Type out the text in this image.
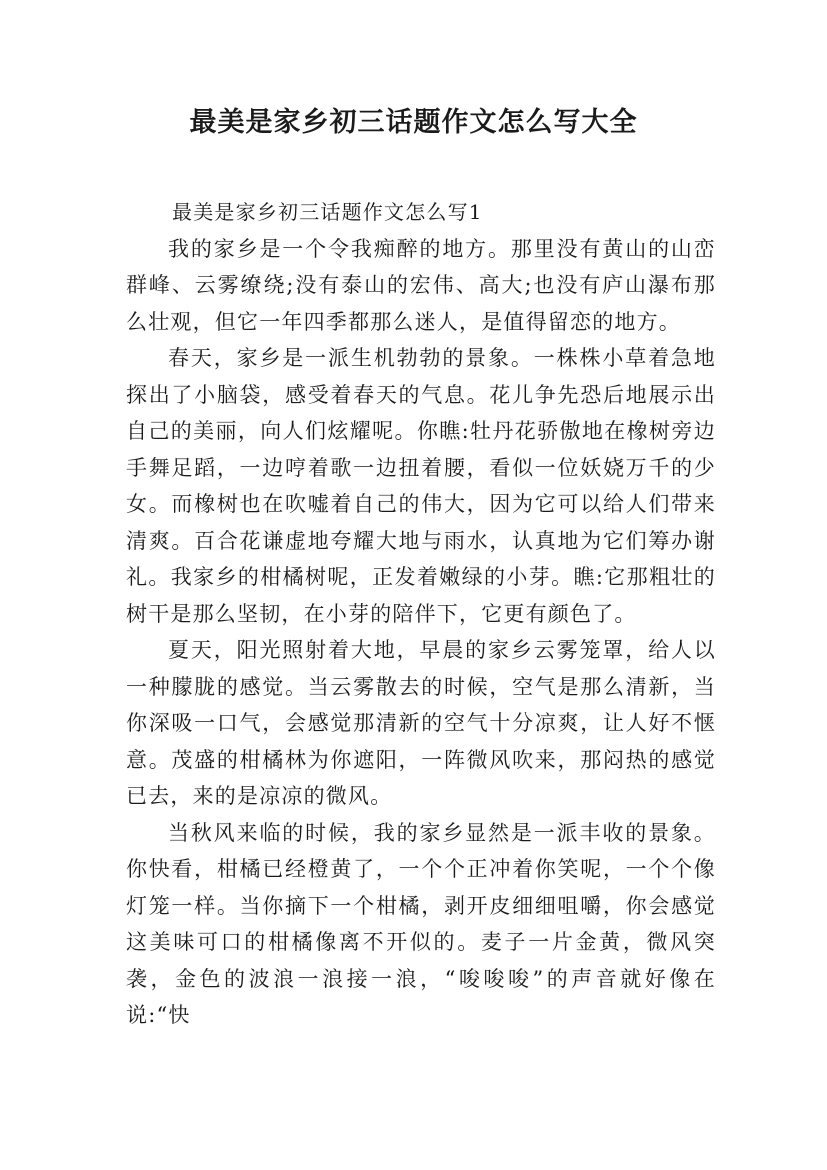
最美是家乡初三话题作文怎么写大全

最美是家乡初三话题作文怎么写1

我的家乡是一个令我痴醉的地方。那里没有黄山的山峦群峰、云雾缭绕;没有泰山的宏伟、高大;也没有庐山瀑布那么壮观，但它一年四季都那么迷人，是值得留恋的地方。

春天，家乡是一派生机勃勃的景象。一株株小草着急地探出了小脑袋，感受着春天的气息。花儿争先恐后地展示出自己的美丽，向人们炫耀呢。你瞧:牡丹花骄傲地在橡树旁边手舞足蹈，一边哼着歌一边扭着腰，看似一位妖娆万千的少女。而橡树也在吹嘘着自己的伟大，因为它可以给人们带来清爽。百合花谦虚地夸耀大地与雨水，认真地为它们筹办谢礼。我家乡的柑橘树呢，正发着嫩绿的小芽。瞧:它那粗壮的树干是那么坚韧，在小芽的陪伴下，它更有颜色了。

夏天，阳光照射着大地，早晨的家乡云雾笼罩，给人以一种朦胧的感觉。当云雾散去的时候，空气是那么清新，当你深吸一口气，会感觉那清新的空气十分凉爽，让人好不惬意。茂盛的柑橘林为你遮阳，一阵微风吹来，那闷热的感觉已去，来的是凉凉的微风。

当秋风来临的时候，我的家乡显然是一派丰收的景象。你快看，柑橘已经橙黄了，一个个正冲着你笑呢，一个个像灯笼一样。当你摘下一个柑橘，剥开皮细细咀嚼，你会感觉这美味可口的柑橘像离不开似的。麦子一片金黄，微风突袭，金色的波浪一浪接一浪，“唆唆唆”的声音就好像在说:“快
